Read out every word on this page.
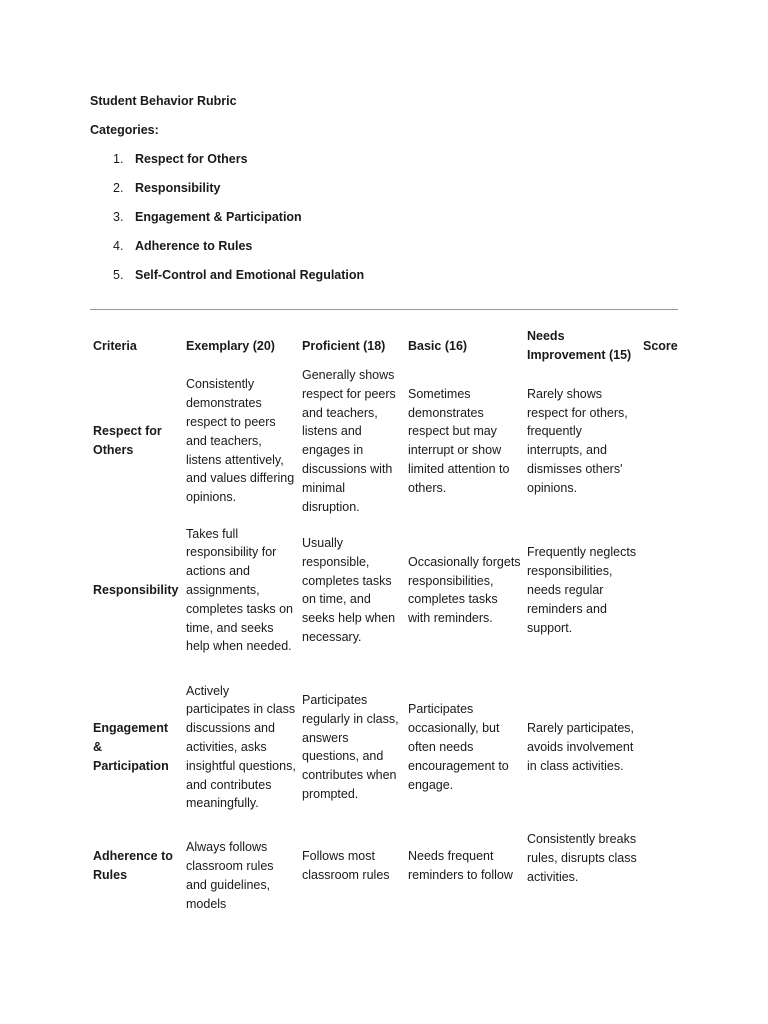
Student Behavior Rubric
Categories:
1. Respect for Others
2. Responsibility
3. Engagement & Participation
4. Adherence to Rules
5. Self-Control and Emotional Regulation
Criteria	Exemplary (20)	Proficient (18)	Basic (16)	Needs Improvement (15)	Score
Respect for Others	Consistently demonstrates respect to peers and teachers, listens attentively, and values differing opinions.	Generally shows respect for peers and teachers, listens and engages in discussions with minimal disruption.	Sometimes demonstrates respect but may interrupt or show limited attention to others.	Rarely shows respect for others, frequently interrupts, and dismisses others' opinions.	
Responsibility	Takes full responsibility for actions and assignments, completes tasks on time, and seeks help when needed.	Usually responsible, completes tasks on time, and seeks help when necessary.	Occasionally forgets responsibilities, completes tasks with reminders.	Frequently neglects responsibilities, needs regular reminders and support.	
Engagement & Participation	Actively participates in class discussions and activities, asks insightful questions, and contributes meaningfully.	Participates regularly in class, answers questions, and contributes when prompted.	Participates occasionally, but often needs encouragement to engage.	Rarely participates, avoids involvement in class activities.	
Adherence to Rules	Always follows classroom rules and guidelines, models	Follows most classroom rules	Needs frequent reminders to follow	Consistently breaks rules, disrupts class activities.	
